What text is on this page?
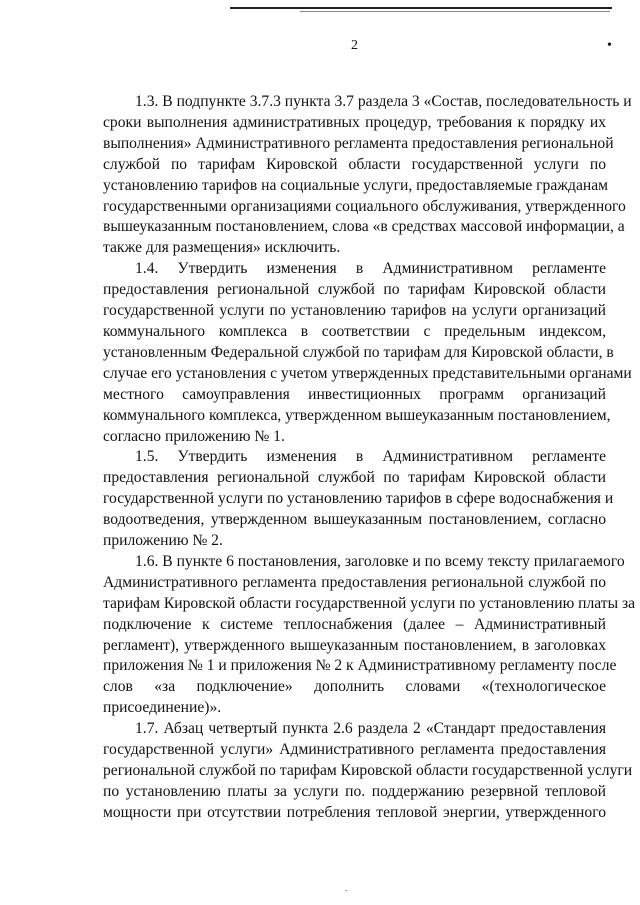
2	•
1.3. В подпункте 3.7.3 пункта 3.7 раздела 3 «Состав, последовательность и
сроки выполнения административных процедур, требования к порядку их
выполнения» Административного регламента предоставления региональной
службой по тарифам Кировской области государственной услуги по
установлению тарифов на социальные услуги, предоставляемые гражданам
государственными организациями социального обслуживания, утвержденного
вышеуказанным постановлением, слова «в средствах массовой информации, а
также для размещения» исключить.
1.4. Утвердить изменения в Административном регламенте
предоставления региональной службой по тарифам Кировской области
государственной услуги по установлению тарифов на услуги организаций
коммунального комплекса в соответствии с предельным индексом,
установленным Федеральной службой по тарифам для Кировской области, в
случае его установления с учетом утвержденных представительными органами
местного самоуправления инвестиционных программ организаций
коммунального комплекса, утвержденном вышеуказанным постановлением,
согласно приложению № 1.
1.5. Утвердить изменения в Административном регламенте
предоставления региональной службой по тарифам Кировской области
государственной услуги по установлению тарифов в сфере водоснабжения и
водоотведения, утвержденном вышеуказанным постановлением, согласно
приложению № 2.
1.6. В пункте 6 постановления, заголовке и по всему тексту прилагаемого
Административного регламента предоставления региональной службой по
тарифам Кировской области государственной услуги по установлению платы за
подключение к системе теплоснабжения (далее – Административный
регламент), утвержденного вышеуказанным постановлением, в заголовках
приложения № 1 и приложения № 2 к Административному регламенту после
слов «за подключение» дополнить словами «(технологическое
присоединение)».
1.7. Абзац четвертый пункта 2.6 раздела 2 «Стандарт предоставления
государственной услуги» Административного регламента предоставления
региональной службой по тарифам Кировской области государственной услуги
по установлению платы за услуги по. поддержанию резервной тепловой
мощности при отсутствии потребления тепловой энергии, утвержденного
